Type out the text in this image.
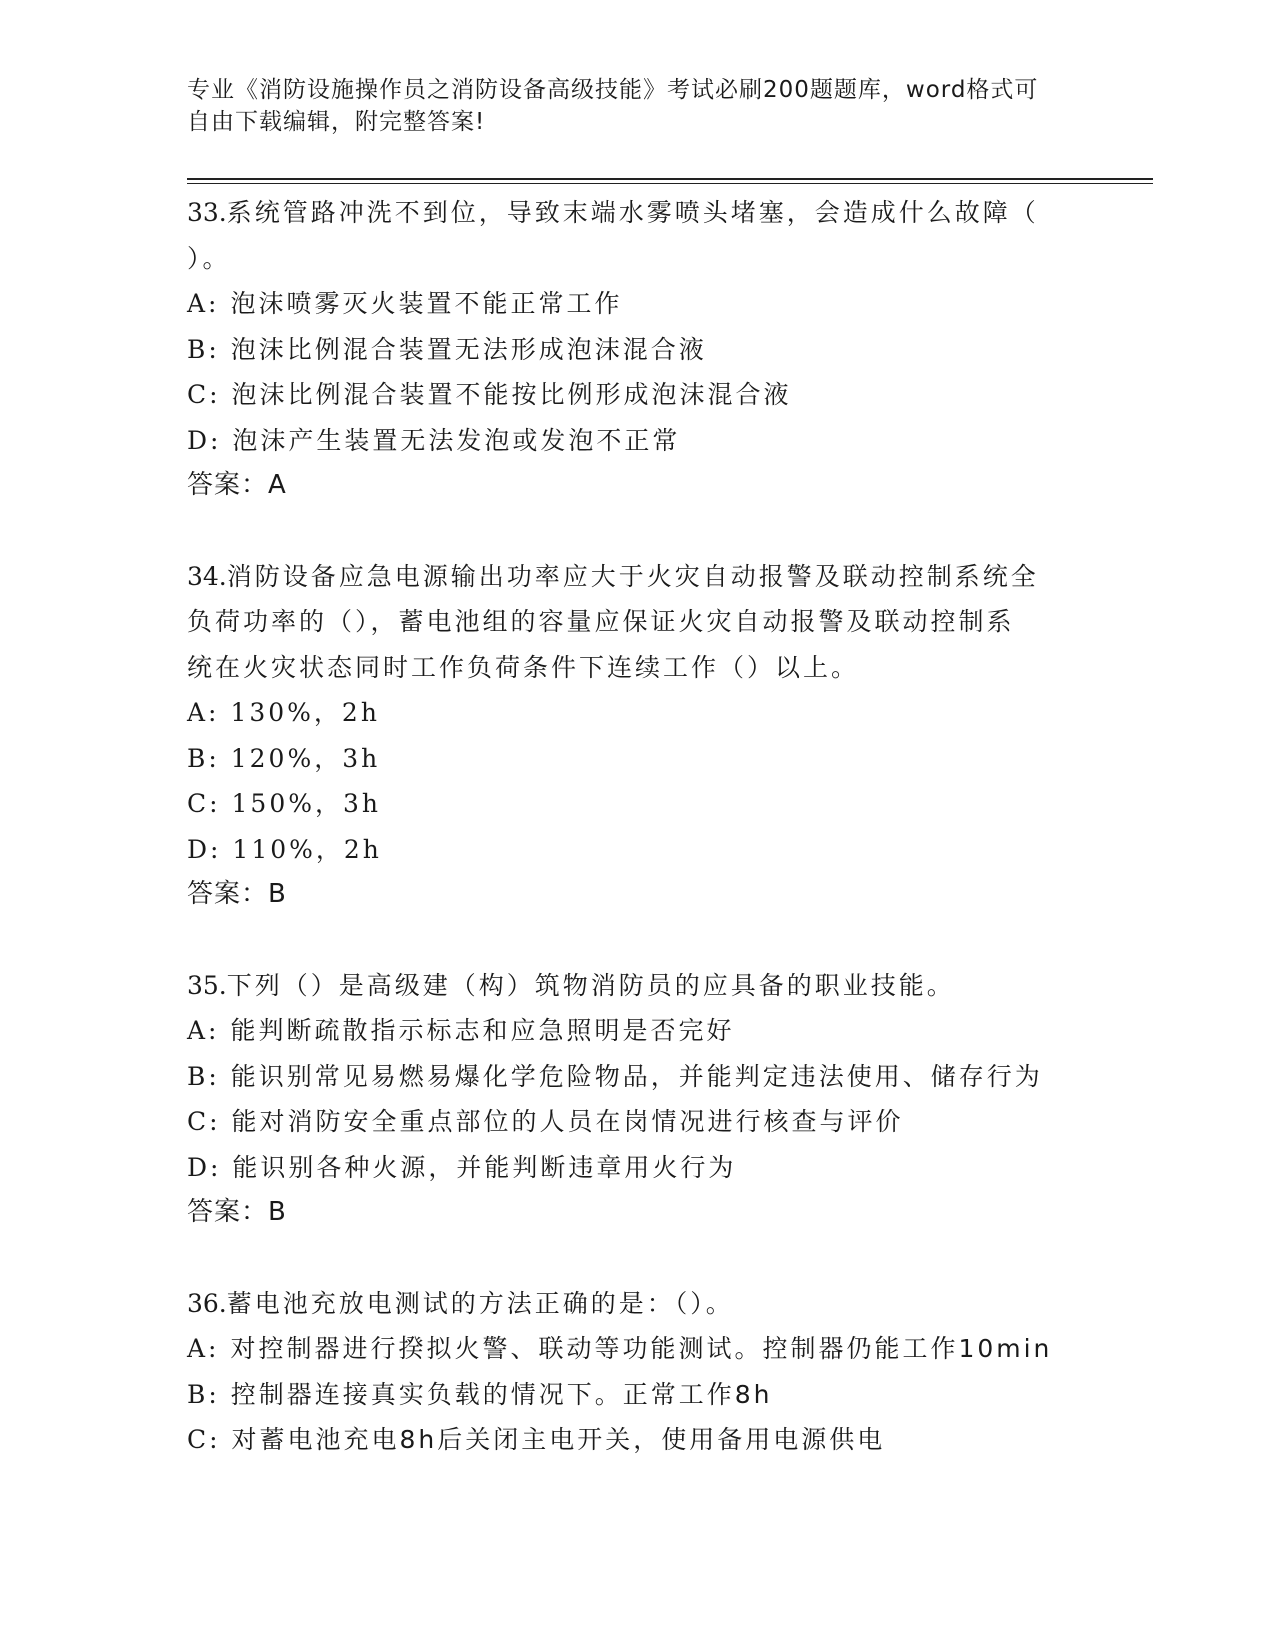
专业《消防设施操作员之消防设备高级技能》考试必刷200题题库，word格式可
自由下载编辑，附完整答案!

33.系统管路冲洗不到位，导致末端水雾喷头堵塞，会造成什么故障（

）。

A: 泡沫喷雾灭火装置不能正常工作

B: 泡沫比例混合装置无法形成泡沫混合液

C: 泡沫比例混合装置不能按比例形成泡沫混合液

D: 泡沫产生装置无法发泡或发泡不正常

答案：A

34.消防设备应急电源输出功率应大于火灾自动报警及联动控制系统全

负荷功率的（），蓄电池组的容量应保证火灾自动报警及联动控制系

统在火灾状态同时工作负荷条件下连续工作（）以上。

A: 130%，2h

B: 120%，3h

C: 150%，3h

D: 110%，2h

答案：B

35.下列（）是高级建（构）筑物消防员的应具备的职业技能。

A: 能判断疏散指示标志和应急照明是否完好

B: 能识别常见易燃易爆化学危险物品，并能判定违法使用、储存行为

C: 能对消防安全重点部位的人员在岗情况进行核查与评价

D: 能识别各种火源，并能判断违章用火行为

答案：B

36.蓄电池充放电测试的方法正确的是：（）。

A: 对控制器进行揆拟火警、联动等功能测试。控制器仍能工作10min

B: 控制器连接真实负载的情况下。正常工作8h

C: 对蓄电池充电8h后关闭主电开关，使用备用电源供电
